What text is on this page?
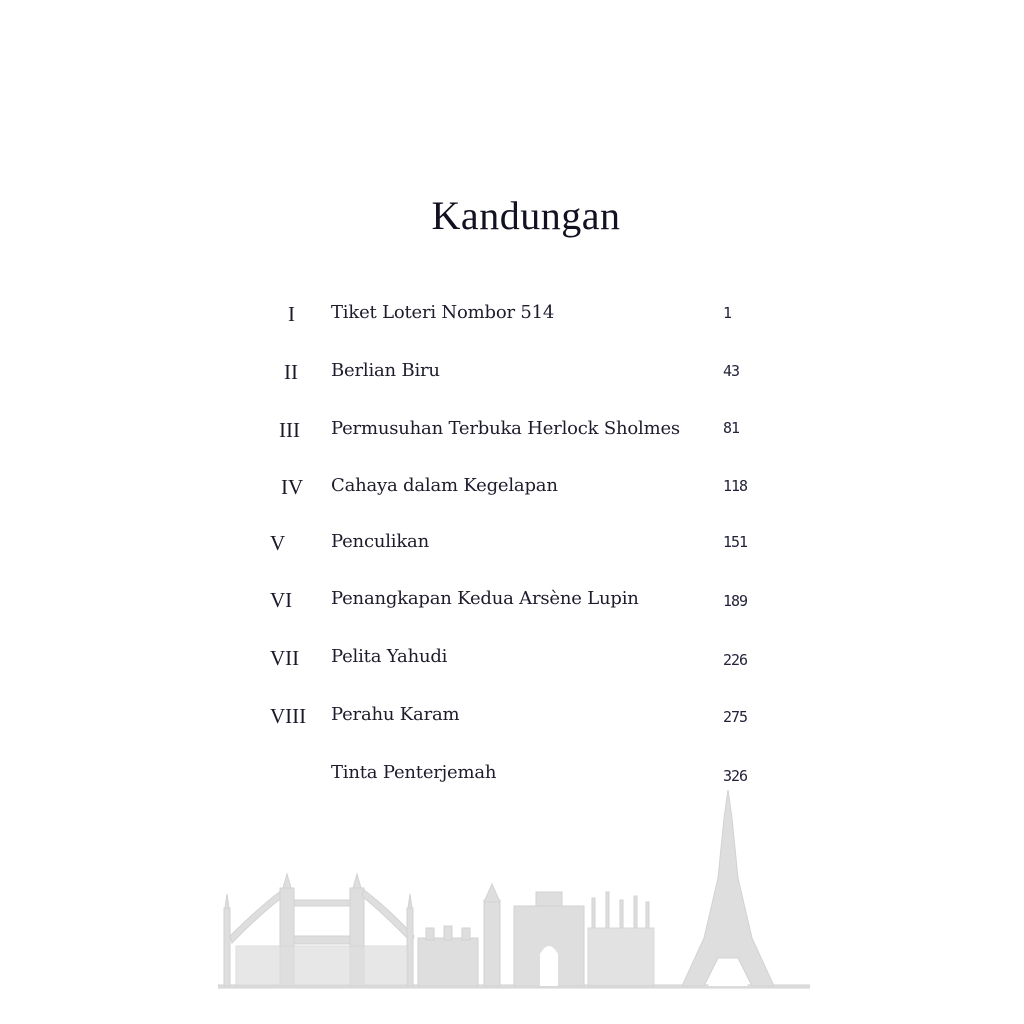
Kandungan
I Tiket Loteri Nombor 514	1
II Berlian Biru	43
III Permusuhan Terbuka Herlock Sholmes	81
IV Cahaya dalam Kegelapan	118
V	Penculikan	151
VI Penangkapan Kedua Arsène Lupin	189
VII Pelita Yahudi	226
VIII Perahu Karam	275
Tinta Penterjemah	326
